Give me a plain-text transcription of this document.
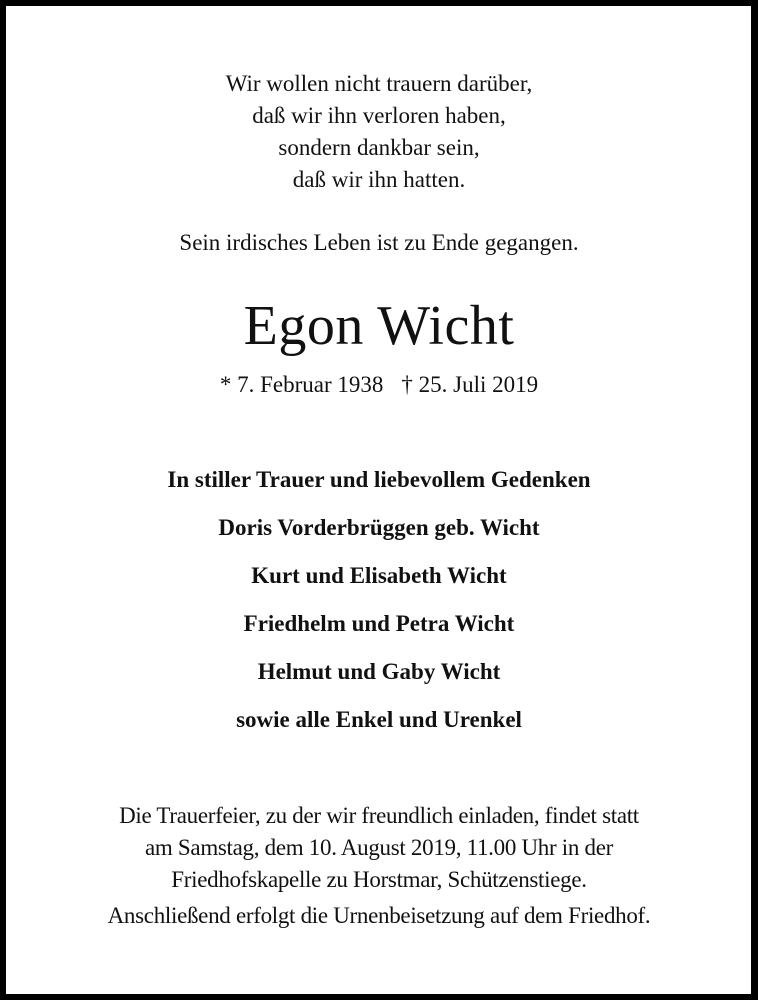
Wir wollen nicht trauern darüber,
daß wir ihn verloren haben,
sondern dankbar sein,
daß wir ihn hatten.
Sein irdisches Leben ist zu Ende gegangen.
Egon Wicht
* 7. Februar 1938 † 25. Juli 2019
In stiller Trauer und liebevollem Gedenken
Doris Vorderbrüggen geb. Wicht
Kurt und Elisabeth Wicht
Friedhelm und Petra Wicht
Helmut und Gaby Wicht
sowie alle Enkel und Urenkel
Die Trauerfeier, zu der wir freundlich einladen, findet statt
am Samstag, dem 10. August 2019, 11.00 Uhr in der
Friedhofskapelle zu Horstmar, Schützenstiege.
Anschließend erfolgt die Urnenbeisetzung auf dem Friedhof.
